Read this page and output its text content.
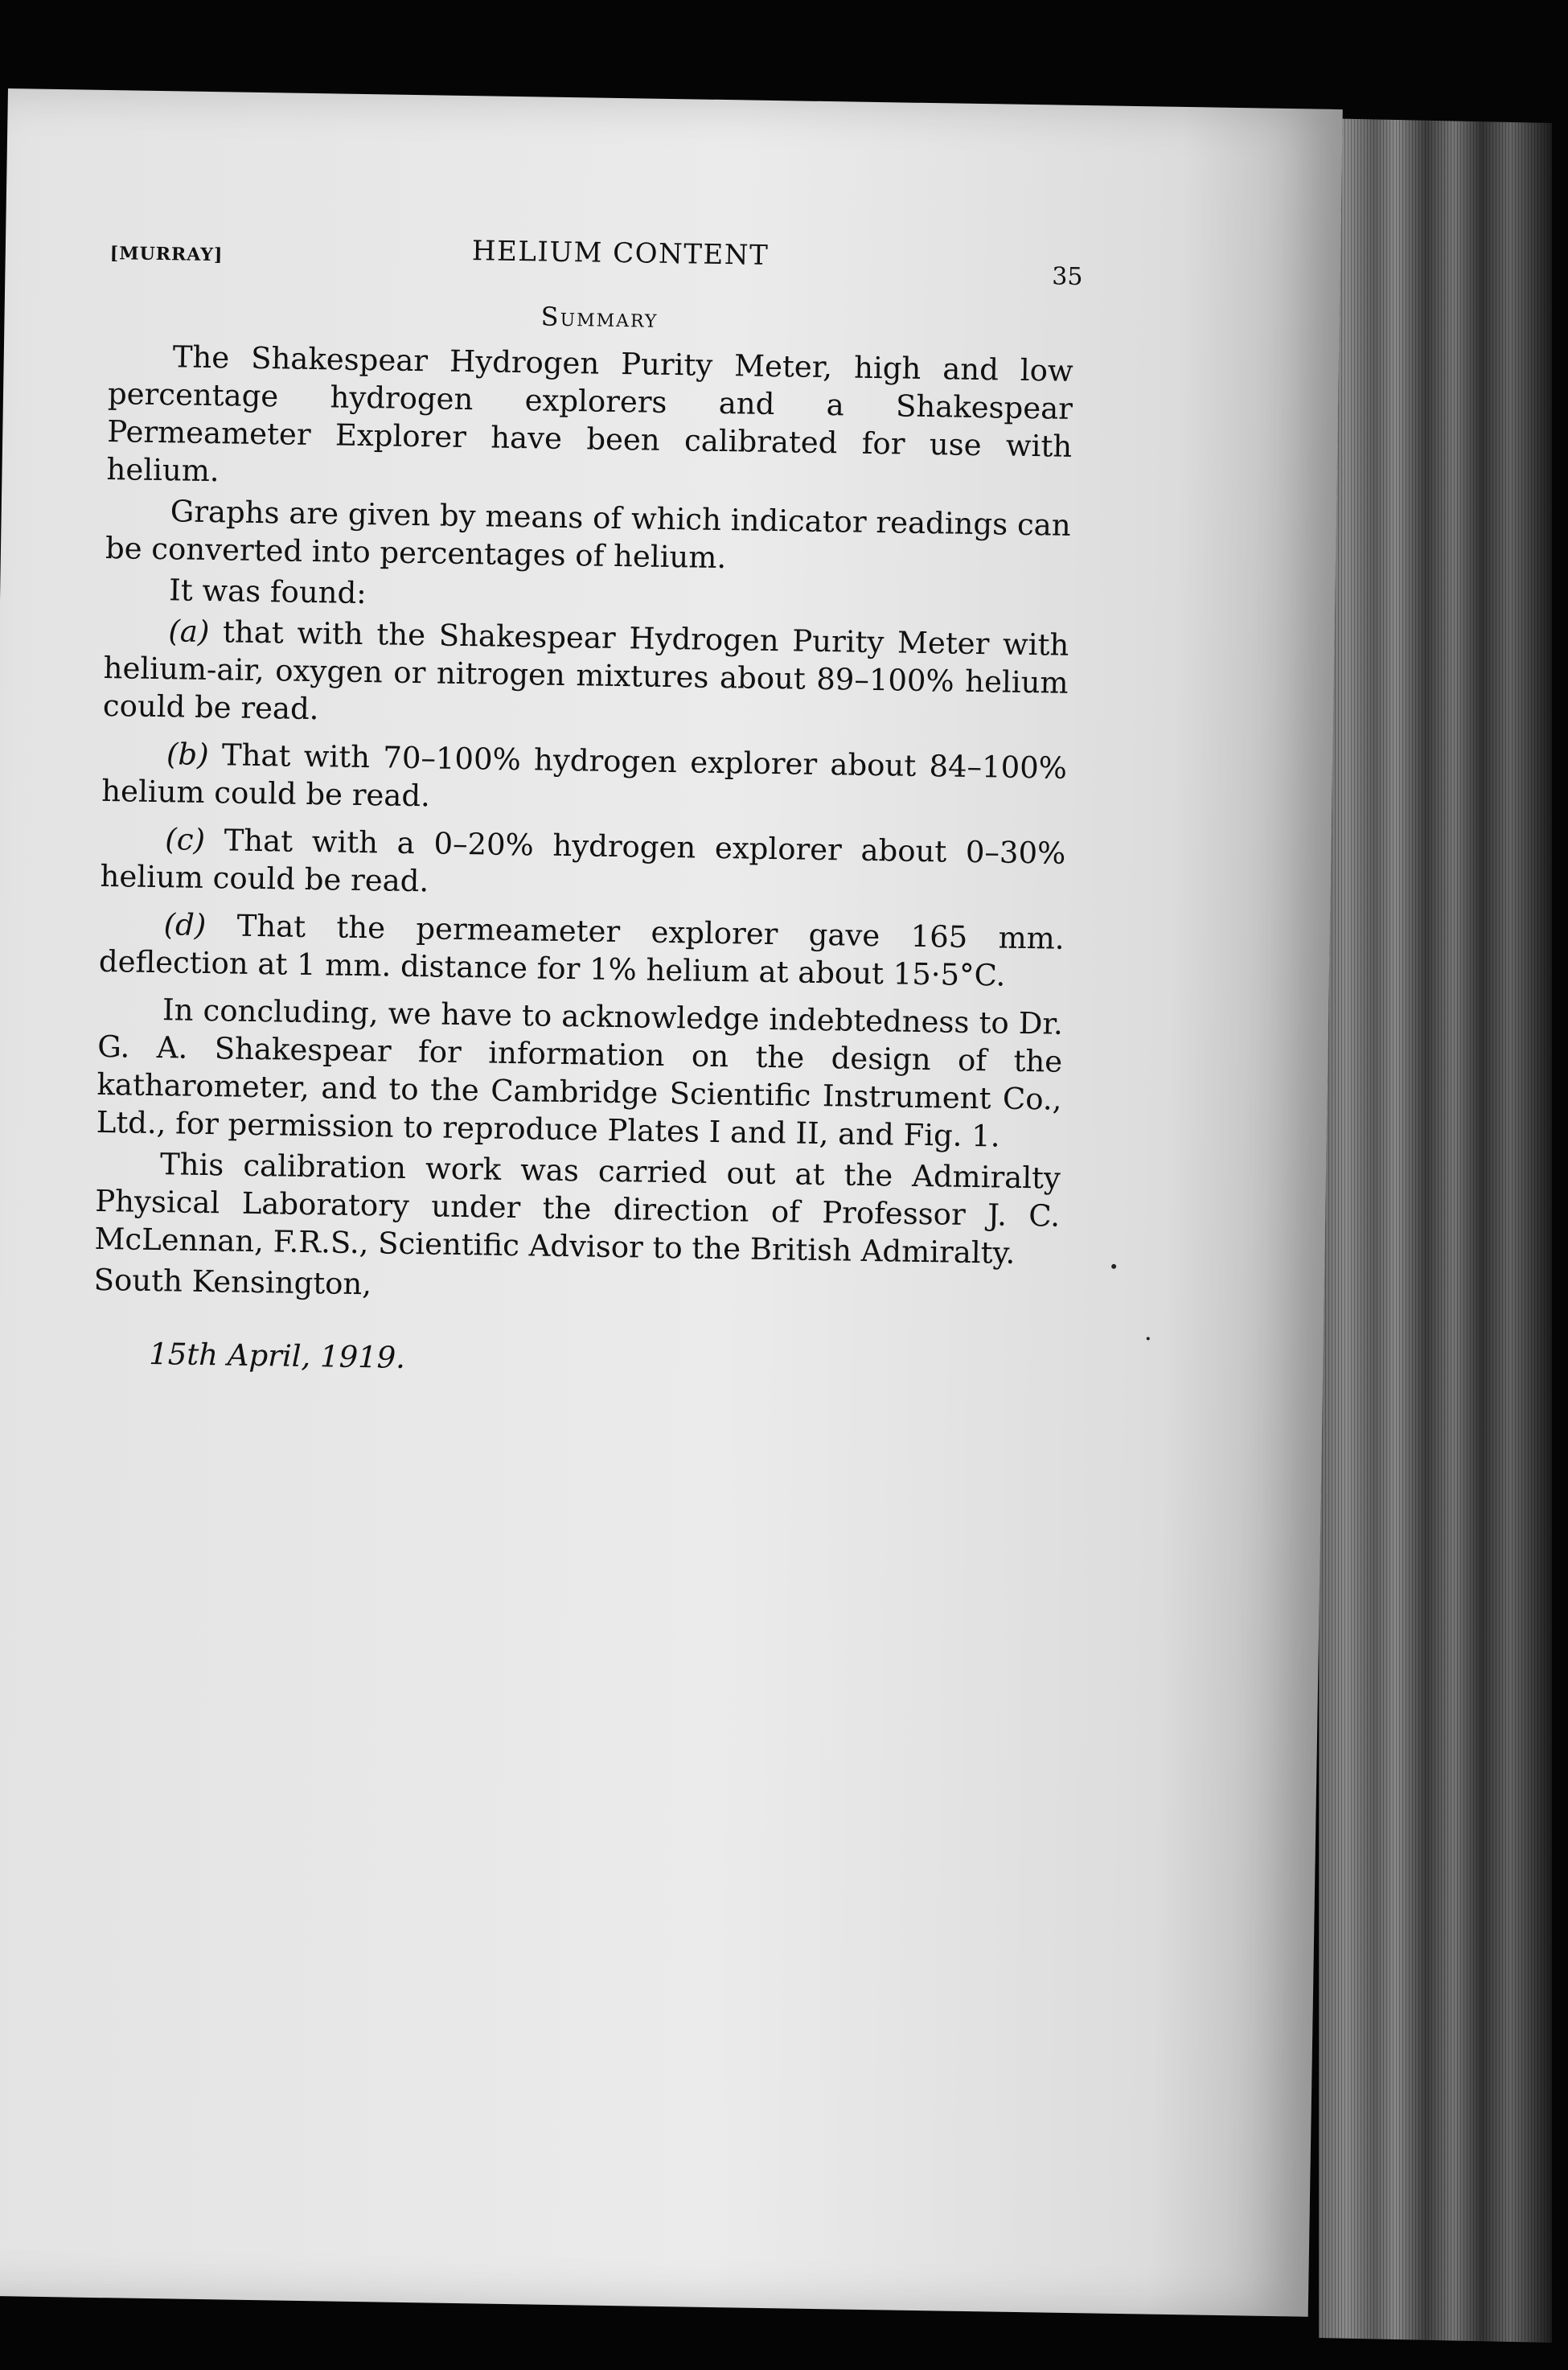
[MURRAY]	HELIUM CONTENT
35
Summary

The Shakespear Hydrogen Purity Meter, high and low percentage hydrogen explorers and a Shakespear Permeameter Explorer have been calibrated for use with helium.

Graphs are given by means of which indicator readings can be converted into percentages of helium.

It was found:

(a) that with the Shakespear Hydrogen Purity Meter with helium-air, oxygen or nitrogen mixtures about 89–100% helium could be read.

(b) That with 70–100% hydrogen explorer about 84–100% helium could be read.

(c) That with a 0–20% hydrogen explorer about 0–30% helium could be read.

(d) That the permeameter explorer gave 165 mm. deflection at 1 mm. distance for 1% helium at about 15·5°C.

In concluding, we have to acknowledge indebtedness to Dr. G. A. Shakespear for information on the design of the katharometer, and to the Cambridge Scientific Instrument Co., Ltd., for permission to reproduce Plates I and II, and Fig. 1.

This calibration work was carried out at the Admiralty Physical Laboratory under the direction of Professor J. C. McLennan, F.R.S., Scientific Advisor to the British Admiralty.

South Kensington,

15th April, 1919.
